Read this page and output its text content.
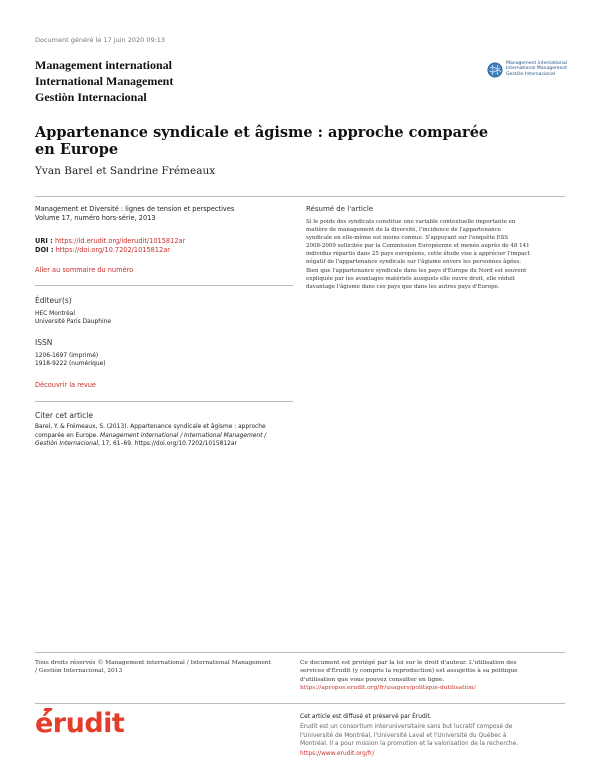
Document généré le 17 juin 2020 09:13
Management international
International Management
Gestiòn Internacional
Management international
International Management
Gestiòn Internacional
Appartenance syndicale et âgisme : approche comparée en Europe
Yvan Barel et Sandrine Frémeaux
Management et Diversité : lignes de tension et perspectives
Volume 17, numéro hors-série, 2013
URI : https://id.erudit.org/iderudit/1015812ar
DOI : https://doi.org/10.7202/1015812ar
Aller au sommaire du numéro
Éditeur(s)
HEC Montréal
Université Paris Dauphine
ISSN
1206-1697 (imprimé)
1918-9222 (numérique)
Découvrir la revue
Citer cet article
Barel, Y. & Frémeaux, S. (2013). Appartenance syndicale et âgisme : approche
comparée en Europe. Management international / International Management /
Gestiòn Internacional, 17, 61–69. https://doi.org/10.7202/1015812ar
Résumé de l'article
Si le poids des syndicats constitue une variable contextuelle importante en
matière de management de la diversité, l'incidence de l'appartenance
syndicale en elle-même est moins connue. S'appuyant sur l'enquête ESS
2008-2009 sollicitée par la Commission Européenne et menée auprès de 48 141
individus répartis dans 25 pays européens, cette étude vise à apprécier l'impact
négatif de l'appartenance syndicale sur l'âgisme envers les personnes âgées.
Bien que l'appartenance syndicale dans les pays d'Europe du Nord est souvent
expliquée par les avantages matériels auxquels elle ouvre droit, elle réduit
davantage l'âgisme dans ces pays que dans les autres pays d'Europe.
Tous droits réservés © Management international / International Management
/ Gestiòn Internacional, 2013
Ce document est protégé par la loi sur le droit d'auteur. L'utilisation des
services d'Érudit (y compris la reproduction) est assujettie à sa politique
d'utilisation que vous pouvez consulter en ligne.
https://apropos.erudit.org/fr/usagers/politique-dutilisation/
érudit	Cet article est diffusé et préservé par Érudit.
Érudit est un consortium interuniversitaire sans but lucratif composé de
l'Université de Montréal, l'Université Laval et l'Université du Québec à
Montréal. Il a pour mission la promotion et la valorisation de la recherche.
https://www.erudit.org/fr/
